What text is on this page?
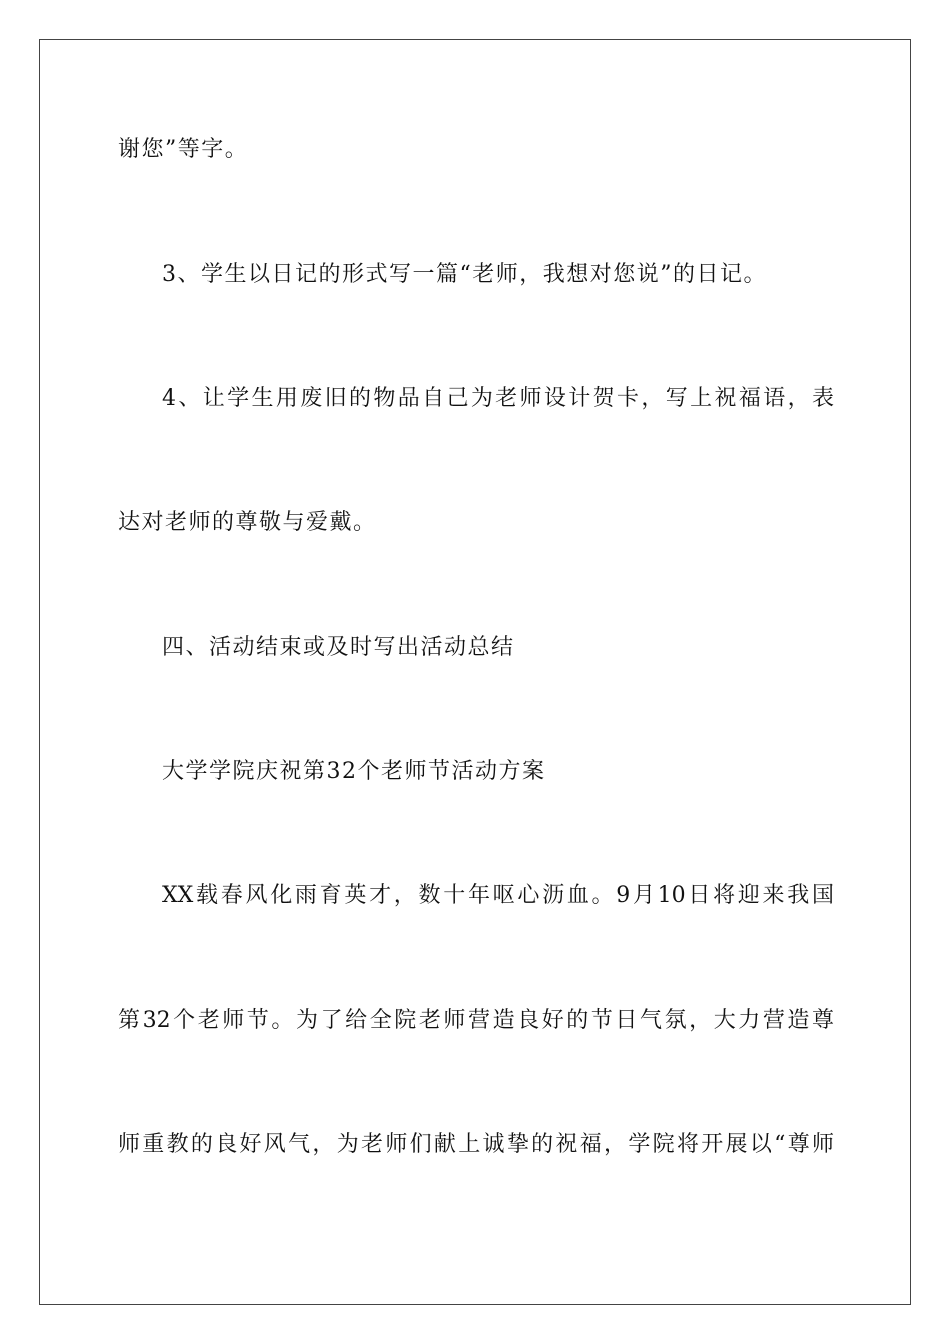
谢您”等字。
3、学生以日记的形式写一篇“老师，我想对您说”的日记。
4、让学生用废旧的物品自己为老师设计贺卡，写上祝福语，表
达对老师的尊敬与爱戴。
四、活动结束或及时写出活动总结
大学学院庆祝第32个老师节活动方案
XX载春风化雨育英才，数十年呕心沥血。9月10日将迎来我国
第32个老师节。为了给全院老师营造良好的节日气氛，大力营造尊
师重教的良好风气，为老师们献上诚挚的祝福，学院将开展以“尊师
